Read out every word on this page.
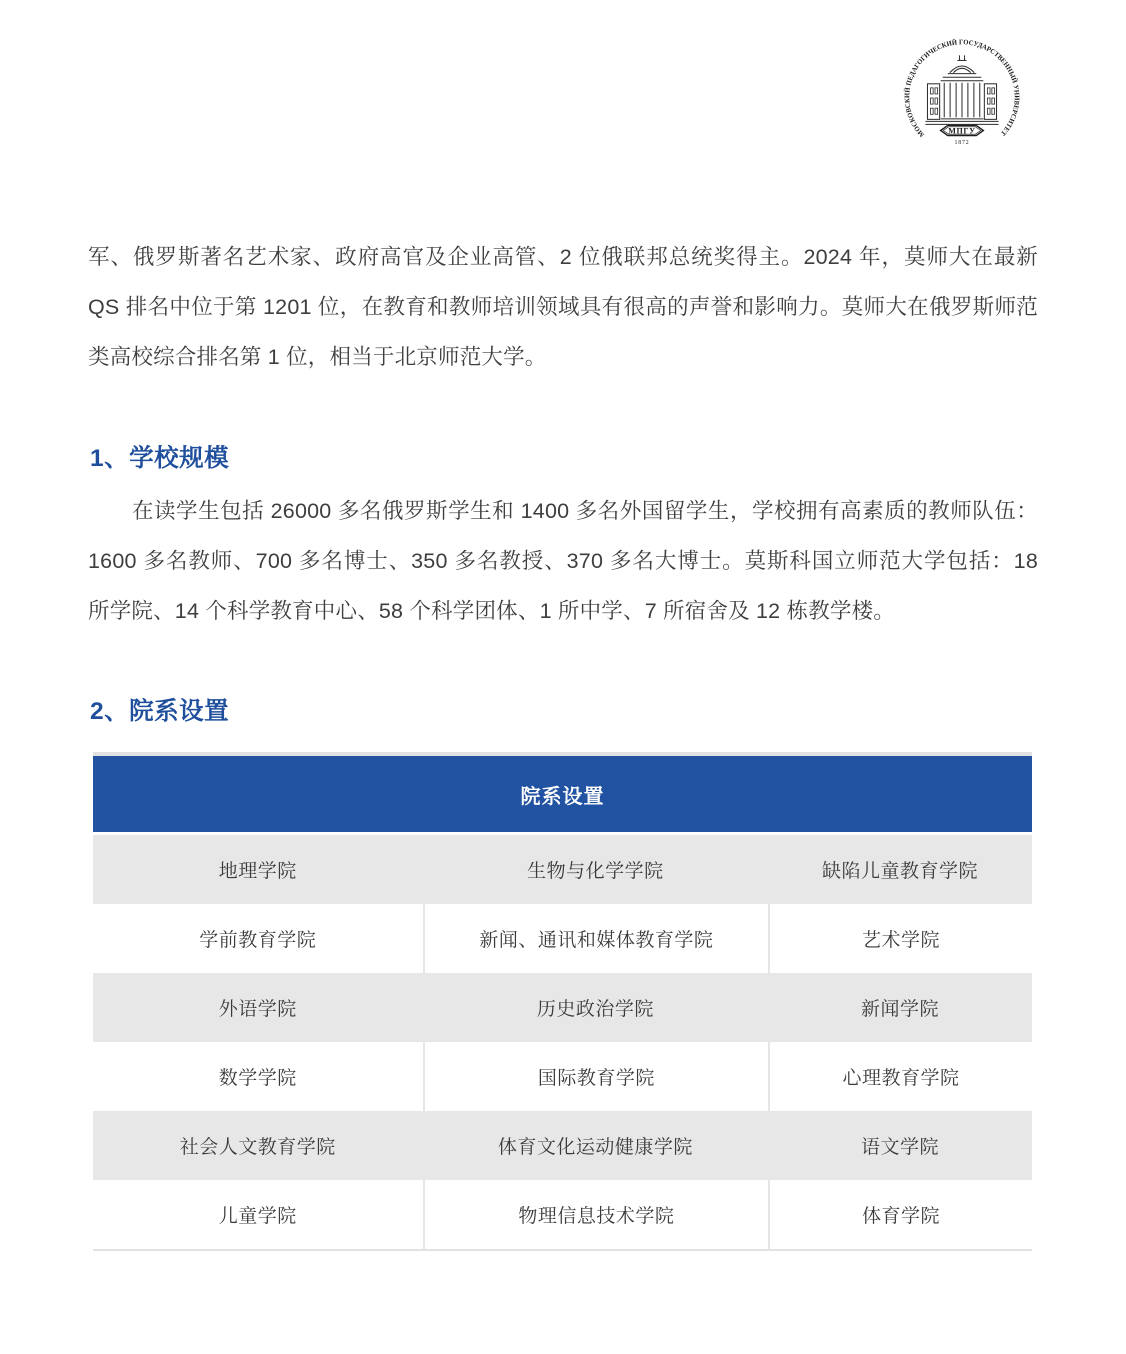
МОСКОВСКИЙ ПЕДАГОГИЧЕСКИЙ ГОСУДАРСТВЕННЫЙ УНИВЕРСИТЕТ
МПГУ
1872

军、俄罗斯著名艺术家、政府高官及企业高管、2 位俄联邦总统奖得主。2024 年，莫师大在最新 QS 排名中位于第 1201 位，在教育和教师培训领域具有很高的声誉和影响力。莫师大在俄罗斯师范类高校综合排名第 1 位，相当于北京师范大学。

1、学校规模

在读学生包括 26000 多名俄罗斯学生和 1400 多名外国留学生，学校拥有高素质的教师队伍：1600 多名教师、700 多名博士、350 多名教授、370 多名大博士。莫斯科国立师范大学包括：18 所学院、14 个科学教育中心、58 个科学团体、1 所中学、7 所宿舍及 12 栋教学楼。

2、院系设置
院系设置
地理学院	生物与化学学院	缺陷儿童教育学院
学前教育学院	新闻、通讯和媒体教育学院	艺术学院
外语学院	历史政治学院	新闻学院
数学学院	国际教育学院	心理教育学院
社会人文教育学院	体育文化运动健康学院	语文学院
儿童学院	物理信息技术学院	体育学院
